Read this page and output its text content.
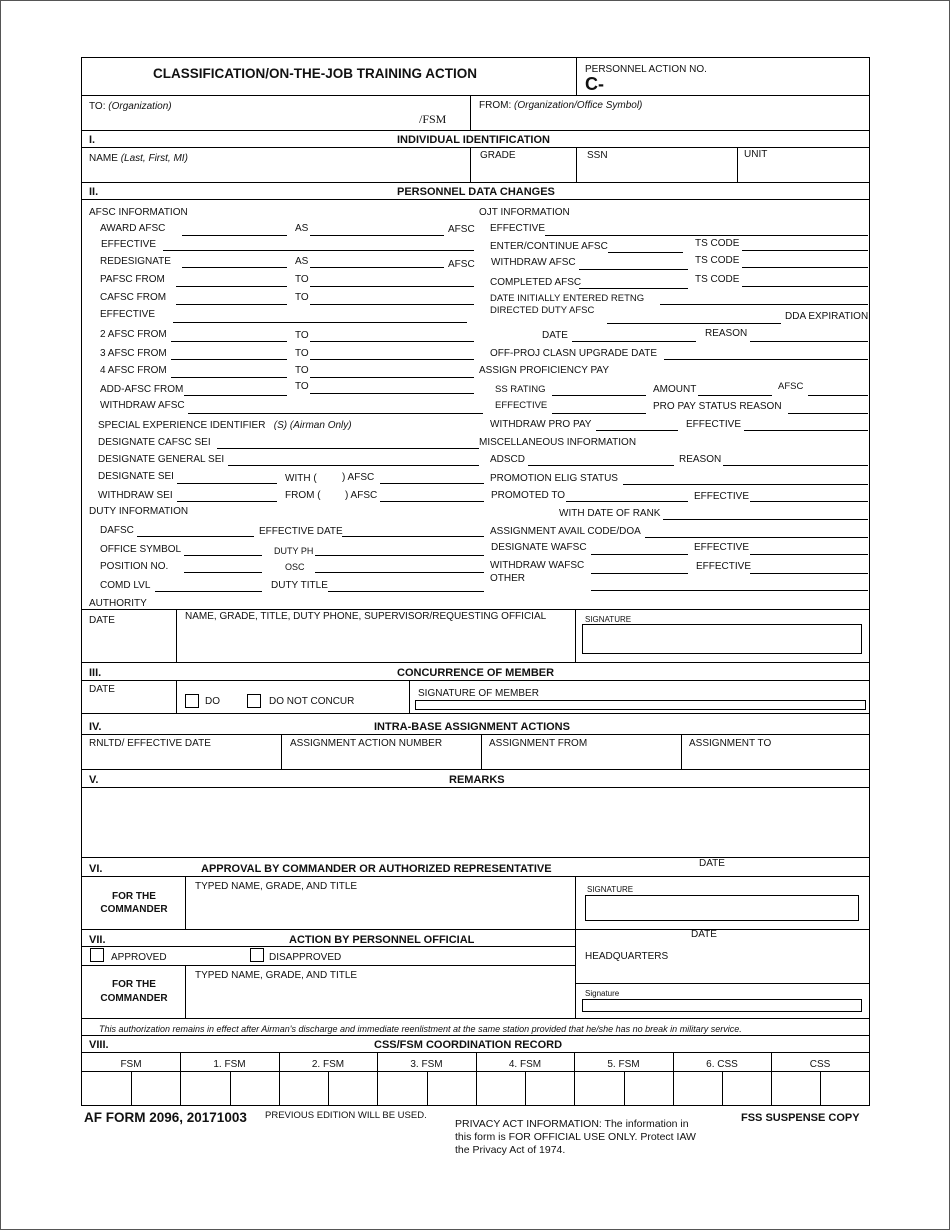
CLASSIFICATION/ON-THE-JOB TRAINING ACTION	PERSONNEL ACTION NO.
C-
TO: (Organization)
/FSM
FROM: (Organization/Office Symbol)
I.	INDIVIDUAL IDENTIFICATION
NAME (Last, First, MI)	GRADE	SSN	UNIT
II.	PERSONNEL DATA CHANGES
AFSC INFORMATION
AWARD AFSC	AS	AFSC
EFFECTIVE
REDESIGNATE	AS	AFSC
PAFSC FROM	TO
CAFSC FROM	TO
EFFECTIVE
2 AFSC FROM	TO
3 AFSC FROM	TO
4 AFSC FROM	TO
ADD-AFSC FROM	TO
WITHDRAW AFSC
SPECIAL EXPERIENCE IDENTIFIER (S) (Airman Only)
DESIGNATE CAFSC SEI
DESIGNATE GENERAL SEI
DESIGNATE SEI	WITH (	) AFSC
WITHDRAW SEI	FROM ( ) AFSC
DUTY INFORMATION
DAFSC	EFFECTIVE DATE
OFFICE SYMBOL	DUTY PH
POSITION NO.	OSC
COMD LVL	DUTY TITLE
OJT INFORMATION
EFFECTIVE
ENTER/CONTINUE AFSC	TS CODE
WITHDRAW AFSC	TS CODE
COMPLETED AFSC	TS CODE
DATE INITIALLY ENTERED RETNG
DIRECTED DUTY AFSC
DDA EXPIRATION
DATE	REASON
OFF-PROJ CLASN UPGRADE DATE
ASSIGN PROFICIENCY PAY
SS RATING	AMOUNT	AFSC
EFFECTIVE	PRO PAY STATUS REASON
WITHDRAW PRO PAY	EFFECTIVE
MISCELLANEOUS INFORMATION
ADSCD	REASON
PROMOTION ELIG STATUS
PROMOTED TO	EFFECTIVE
WITH DATE OF RANK
ASSIGNMENT AVAIL CODE/DOA
DESIGNATE WAFSC	EFFECTIVE
WITHDRAW WAFSC	EFFECTIVE
OTHER
AUTHORITY
DATE	NAME, GRADE, TITLE, DUTY PHONE, SUPERVISOR/REQUESTING OFFICIAL	SIGNATURE
III.	CONCURRENCE OF MEMBER
DATE
DO	DO NOT CONCUR
SIGNATURE OF MEMBER
IV.	INTRA-BASE ASSIGNMENT ACTIONS
RNLTD/ EFFECTIVE DATE	ASSIGNMENT ACTION NUMBER	ASSIGNMENT FROM	ASSIGNMENT TO
V.	REMARKS
VI.	APPROVAL BY COMMANDER OR AUTHORIZED REPRESENTATIVE	DATE
FOR THE
COMMANDER
TYPED NAME, GRADE, AND TITLE	SIGNATURE
VII.	ACTION BY PERSONNEL OFFICIAL	DATE
APPROVED	DISAPPROVED	HEADQUARTERS
FOR THE
COMMANDER
TYPED NAME, GRADE, AND TITLE
Signature
This authorization remains in effect after Airman's discharge and immediate reenlistment at the same station provided that he/she has no break in military service.
VIII.	CSS/FSM COORDINATION RECORD
FSM	1. FSM	2. FSM	3. FSM	4. FSM	5. FSM	6. CSS	CSS
AF FORM 2096, 20171003 PREVIOUS EDITION WILL BE USED.
PRIVACY ACT INFORMATION: The information in
this form is FOR OFFICIAL USE ONLY. Protect IAW
the Privacy Act of 1974.
FSS SUSPENSE COPY
